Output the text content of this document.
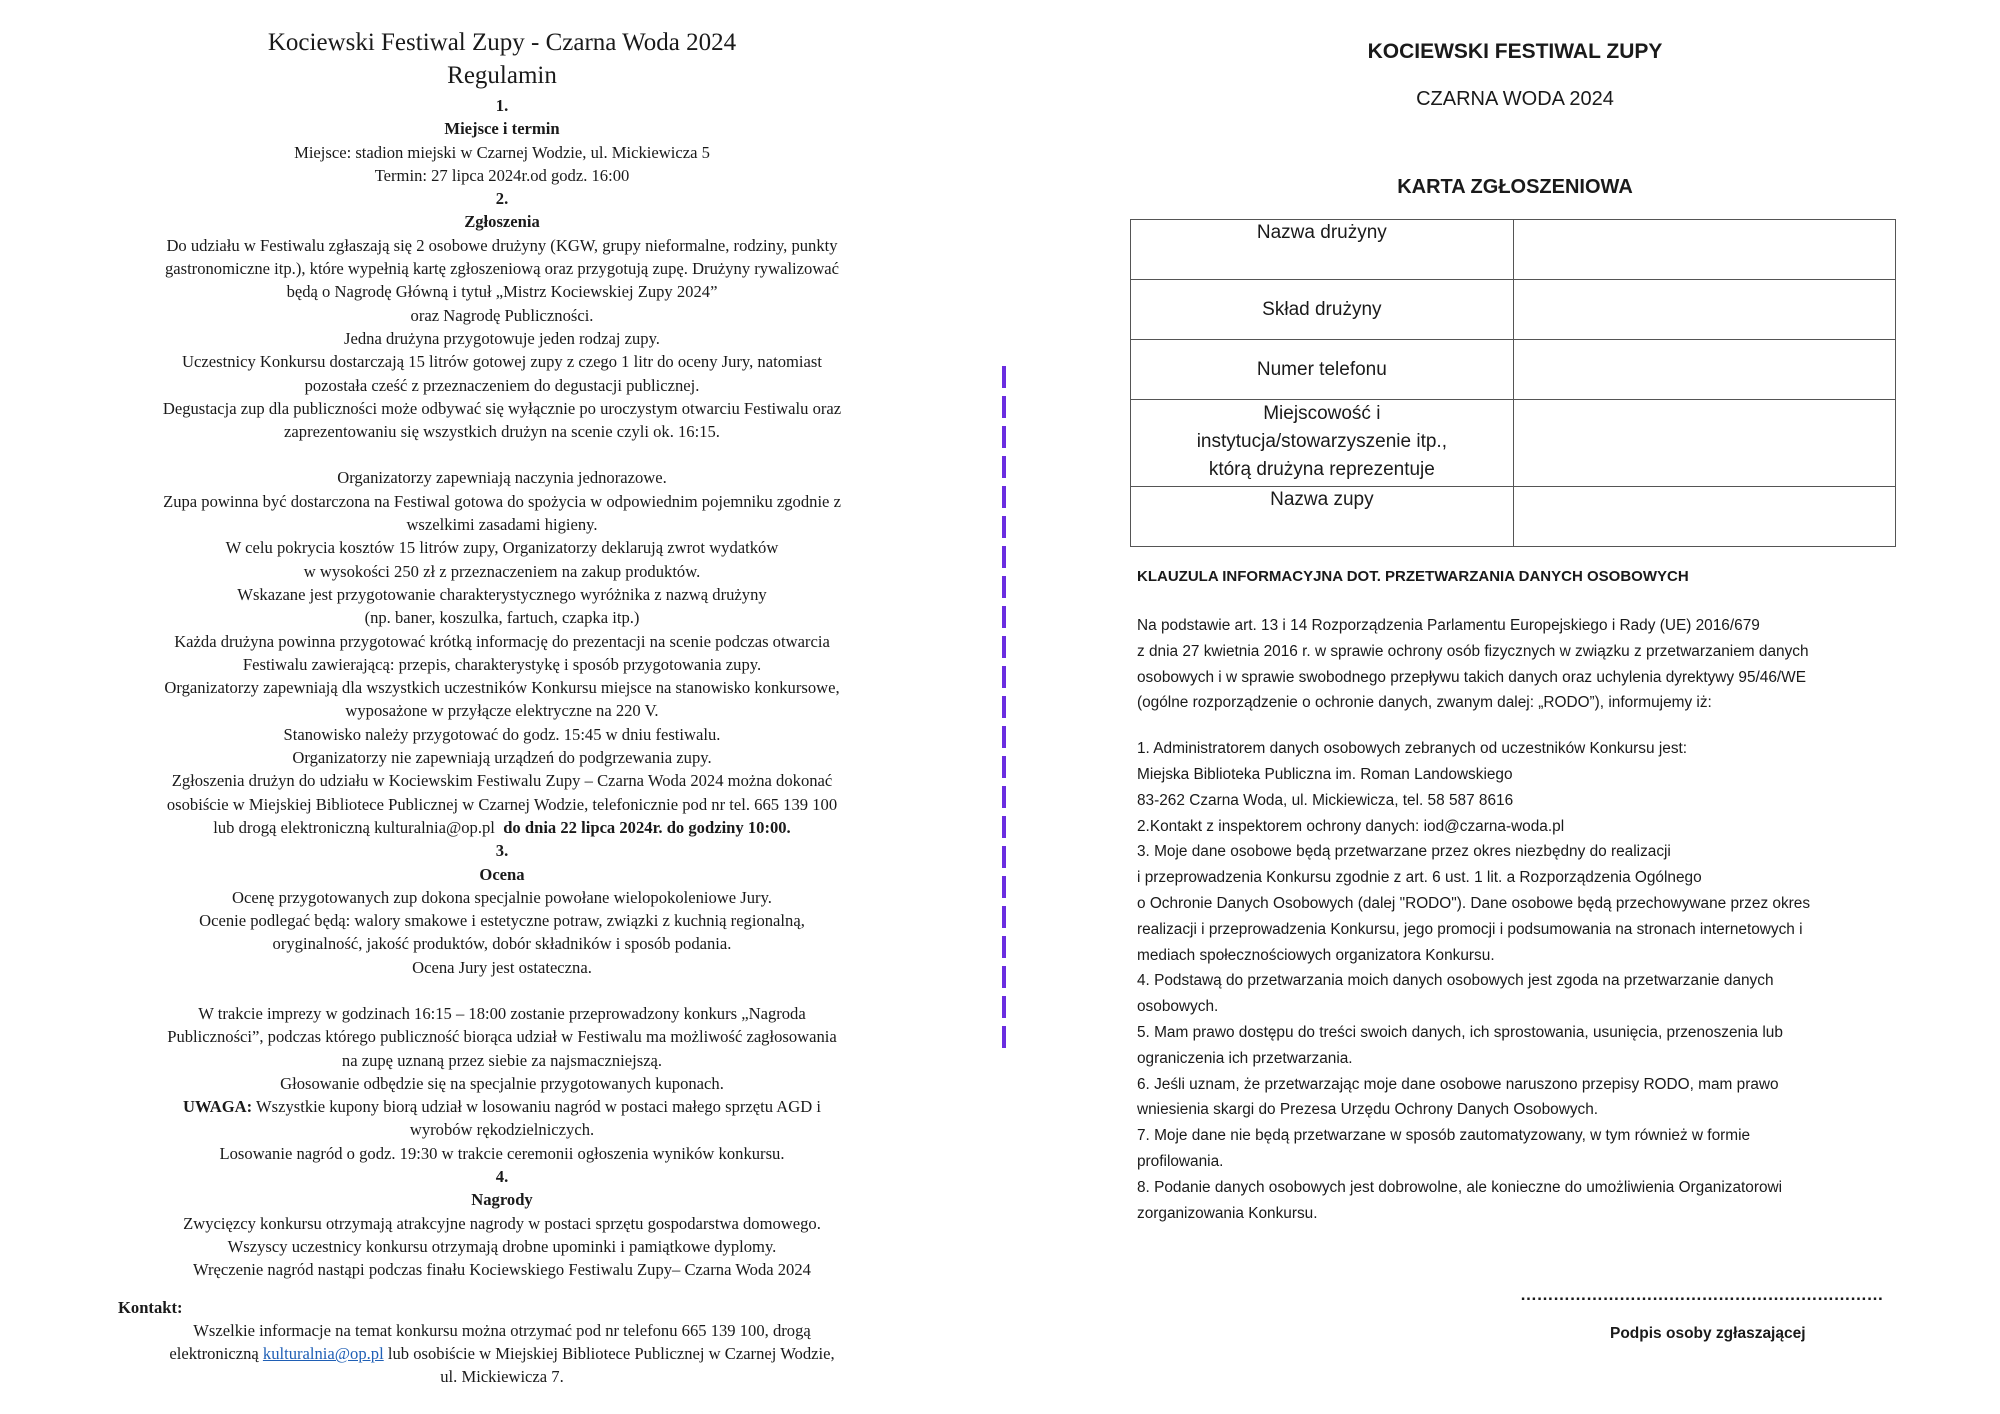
Kociewski Festiwal Zupy - Czarna Woda 2024

Regulamin

1.

Miejsce i termin

Miejsce: stadion miejski w Czarnej Wodzie, ul. Mickiewicza 5

Termin: 27 lipca 2024r.od godz. 16:00

2.

Zgłoszenia

Do udziału w Festiwalu zgłaszają się 2 osobowe drużyny (KGW, grupy nieformalne, rodziny, punkty

gastronomiczne itp.), które wypełnią kartę zgłoszeniową oraz przygotują zupę. Drużyny rywalizować

będą o Nagrodę Główną i tytuł „Mistrz Kociewskiej Zupy 2024”

oraz Nagrodę Publiczności.

Jedna drużyna przygotowuje jeden rodzaj zupy.

Uczestnicy Konkursu dostarczają 15 litrów gotowej zupy z czego 1 litr do oceny Jury, natomiast

pozostała cześć z przeznaczeniem do degustacji publicznej.

Degustacja zup dla publiczności może odbywać się wyłącznie po uroczystym otwarciu Festiwalu oraz

zaprezentowaniu się wszystkich drużyn na scenie czyli ok. 16:15.

Organizatorzy zapewniają naczynia jednorazowe.

Zupa powinna być dostarczona na Festiwal gotowa do spożycia w odpowiednim pojemniku zgodnie z

wszelkimi zasadami higieny.

W celu pokrycia kosztów 15 litrów zupy, Organizatorzy deklarują zwrot wydatków

w wysokości 250 zł z przeznaczeniem na zakup produktów.

Wskazane jest przygotowanie charakterystycznego wyróżnika z nazwą drużyny

(np. baner, koszulka, fartuch, czapka itp.)

Każda drużyna powinna przygotować krótką informację do prezentacji na scenie podczas otwarcia

Festiwalu zawierającą: przepis, charakterystykę i sposób przygotowania zupy.

Organizatorzy zapewniają dla wszystkich uczestników Konkursu miejsce na stanowisko konkursowe,

wyposażone w przyłącze elektryczne na 220 V.

Stanowisko należy przygotować do godz. 15:45 w dniu festiwalu.

Organizatorzy nie zapewniają urządzeń do podgrzewania zupy.

Zgłoszenia drużyn do udziału w Kociewskim Festiwalu Zupy – Czarna Woda 2024 można dokonać

osobiście w Miejskiej Bibliotece Publicznej w Czarnej Wodzie, telefonicznie pod nr tel. 665 139 100

lub drogą elektroniczną kulturalnia@op.pl do dnia 22 lipca 2024r. do godziny 10:00.

3.

Ocena

Ocenę przygotowanych zup dokona specjalnie powołane wielopokoleniowe Jury.

Ocenie podlegać będą: walory smakowe i estetyczne potraw, związki z kuchnią regionalną,

oryginalność, jakość produktów, dobór składników i sposób podania.

Ocena Jury jest ostateczna.

W trakcie imprezy w godzinach 16:15 – 18:00 zostanie przeprowadzony konkurs „Nagroda

Publiczności”, podczas którego publiczność biorąca udział w Festiwalu ma możliwość zagłosowania

na zupę uznaną przez siebie za najsmaczniejszą.

Głosowanie odbędzie się na specjalnie przygotowanych kuponach.

UWAGA: Wszystkie kupony biorą udział w losowaniu nagród w postaci małego sprzętu AGD i

wyrobów rękodzielniczych.

Losowanie nagród o godz. 19:30 w trakcie ceremonii ogłoszenia wyników konkursu.

4.

Nagrody

Zwycięzcy konkursu otrzymają atrakcyjne nagrody w postaci sprzętu gospodarstwa domowego.

Wszyscy uczestnicy konkursu otrzymają drobne upominki i pamiątkowe dyplomy.

Wręczenie nagród nastąpi podczas finału Kociewskiego Festiwalu Zupy– Czarna Woda 2024

Kontakt:

Wszelkie informacje na temat konkursu można otrzymać pod nr telefonu 665 139 100, drogą

elektroniczną kulturalnia@op.pl lub osobiście w Miejskiej Bibliotece Publicznej w Czarnej Wodzie,

ul. Mickiewicza 7.

KOCIEWSKI FESTIWAL ZUPY

CZARNA WODA 2024

KARTA ZGŁOSZENIOWA

Nazwa drużyny	
Skład drużyny	
Numer telefonu	

Miejscowość i
instytucja/stowarzyszenie itp.,
którą drużyna reprezentuje	

Nazwa zupy	

KLAUZULA INFORMACYJNA DOT. PRZETWARZANIA DANYCH OSOBOWYCH

Na podstawie art. 13 i 14 Rozporządzenia Parlamentu Europejskiego i Rady (UE) 2016/679

z dnia 27 kwietnia 2016 r. w sprawie ochrony osób fizycznych w związku z przetwarzaniem danych

osobowych i w sprawie swobodnego przepływu takich danych oraz uchylenia dyrektywy 95/46/WE

(ogólne rozporządzenie o ochronie danych, zwanym dalej: „RODO”), informujemy iż:

1. Administratorem danych osobowych zebranych od uczestników Konkursu jest:

Miejska Biblioteka Publiczna im. Roman Landowskiego

83-262 Czarna Woda, ul. Mickiewicza, tel. 58 587 8616

2.Kontakt z inspektorem ochrony danych: iod@czarna-woda.pl

3. Moje dane osobowe będą przetwarzane przez okres niezbędny do realizacji

i przeprowadzenia Konkursu zgodnie z art. 6 ust. 1 lit. a Rozporządzenia Ogólnego

o Ochronie Danych Osobowych (dalej "RODO"). Dane osobowe będą przechowywane przez okres

realizacji i przeprowadzenia Konkursu, jego promocji i podsumowania na stronach internetowych i

mediach społecznościowych organizatora Konkursu.

4. Podstawą do przetwarzania moich danych osobowych jest zgoda na przetwarzanie danych

osobowych.

5. Mam prawo dostępu do treści swoich danych, ich sprostowania, usunięcia, przenoszenia lub

ograniczenia ich przetwarzania.

6. Jeśli uznam, że przetwarzając moje dane osobowe naruszono przepisy RODO, mam prawo

wniesienia skargi do Prezesa Urzędu Ochrony Danych Osobowych.

7. Moje dane nie będą przetwarzane w sposób zautomatyzowany, w tym również w formie

profilowania.

8. Podanie danych osobowych jest dobrowolne, ale konieczne do umożliwienia Organizatorowi

zorganizowania Konkursu.

…………………………………………………………

Podpis osoby zgłaszającej
